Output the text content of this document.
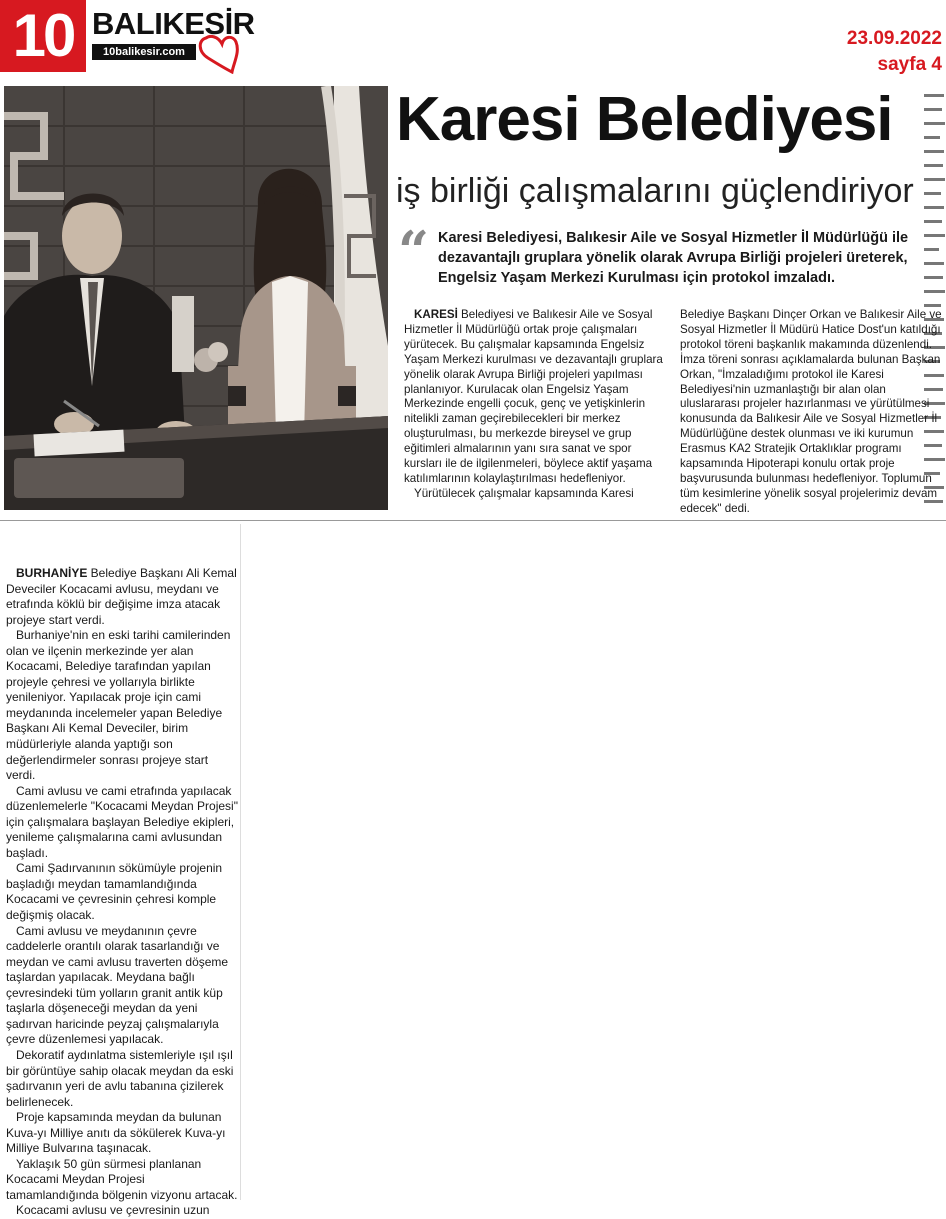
10 BALIKESİR
10balikesir.com
23.09.2022
sayfa 4
Karesi Belediyesi
iş birliği çalışmalarını güçlendiriyor
“ Karesi Belediyesi, Balıkesir Aile ve Sosyal Hizmetler İl Müdürlüğü ile dezavantajlı gruplara yönelik olarak Avrupa Birliği projeleri üreterek, Engelsiz Yaşam Merkezi Kurulması için protokol imzaladı.

KARESİ Belediyesi ve Balıkesir Aile ve Sosyal Hizmetler İl Müdürlüğü ortak proje çalışmaları yürütecek. Bu çalışmalar kapsamında Engelsiz Yaşam Merkezi kurulması ve dezavantajlı gruplara yönelik olarak Avrupa Birliği projeleri yapılması planlanıyor. Kurulacak olan Engelsiz Yaşam Merkezinde engelli çocuk, genç ve yetişkinlerin nitelikli zaman geçirebilecekleri bir merkez oluşturulması, bu merkezde bireysel ve grup eğitimleri almalarının yanı sıra sanat ve spor kursları ile de ilgilenmeleri, böylece aktif yaşama katılımlarının kolaylaştırılması hedefleniyor.

Yürütülecek çalışmalar kapsamında Karesi

Belediye Başkanı Dinçer Orkan ve Balıkesir Aile ve Sosyal Hizmetler İl Müdürü Hatice Dost'un katıldığı protokol töreni başkanlık makamında düzenlendi. İmza töreni sonrası açıklamalarda bulunan Başkan Orkan, "İmzaladığımı protokol ile Karesi Belediyesi'nin uzmanlaştığı bir alan olan uluslararası projeler hazırlanması ve yürütülmesi konusunda da Balıkesir Aile ve Sosyal Hizmetler İl Müdürlüğüne destek olunması ve iki kurumun Erasmus KA2 Stratejik Ortaklıklar programı kapsamında Hipoterapi konulu ortak proje başvurusunda bulunması hedefleniyor. Toplumun tüm kesimlerine yönelik sosyal projelerimiz devam edecek" dedi.

BURHANİYE Belediye Başkanı Ali Kemal Deveciler Kocacami avlusu, meydanı ve etrafında köklü bir değişime imza atacak projeye start verdi.

Burhaniye'nin en eski tarihi camilerinden olan ve ilçenin merkezinde yer alan Kocacami, Belediye tarafından yapılan projeyle çehresi ve yollarıyla birlikte yenileniyor. Yapılacak proje için cami meydanında incelemeler yapan Belediye Başkanı Ali Kemal Deveciler, birim müdürleriyle alanda yaptığı son değerlendirmeler sonrası projeye start verdi.

Cami avlusu ve cami etrafında yapılacak düzenlemelerle "Kocacami Meydan Projesi" için çalışmalara başlayan Belediye ekipleri, yenileme çalışmalarına cami avlusundan başladı.

Cami Şadırvanının sökümüyle projenin başladığı meydan tamamlandığında Kocacami ve çevresinin çehresi komple değişmiş olacak.

Cami avlusu ve meydanının çevre caddelerle orantılı olarak tasarlandığı ve meydan ve cami avlusu traverten döşeme taşlardan yapılacak. Meydana bağlı çevresindeki tüm yolların granit antik küp taşlarla döşeneceği meydan da yeni şadırvan haricinde peyzaj çalışmalarıyla çevre düzenlemesi yapılacak.

Dekoratif aydınlatma sistemleriyle ışıl ışıl bir görüntüye sahip olacak meydan da eski şadırvanın yeri de avlu tabanına çizilerek belirlenecek.

Proje kapsamında meydan da bulunan Kuva-yı Milliye anıtı da sökülerek Kuva-yı Milliye Bulvarına taşınacak.

Yaklaşık 50 gün sürmesi planlanan Kocacami Meydan Projesi tamamlandığında bölgenin vizyonu artacak.

Kocacami avlusu ve çevresinin uzun
